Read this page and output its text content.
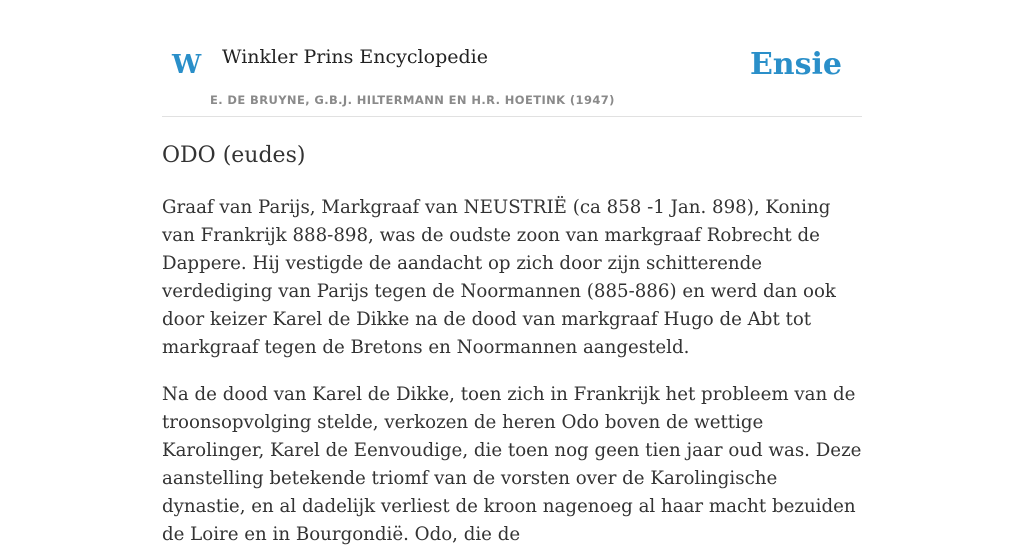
W Winkler Prins Encyclopedie
E. DE BRUYNE, G.B.J. HILTERMANN EN H.R. HOETINK (1947)
Ensie
ODO (eudes)

Graaf van Parijs, Markgraaf van NEUSTRIË (ca 858 -1 Jan. 898), Koning van Frankrijk 888-898, was de oudste zoon van markgraaf Robrecht de Dappere. Hij vestigde de aandacht op zich door zijn schitterende verdediging van Parijs tegen de Noormannen (885-886) en werd dan ook door keizer Karel de Dikke na de dood van markgraaf Hugo de Abt tot markgraaf tegen de Bretons en Noormannen aangesteld.

Na de dood van Karel de Dikke, toen zich in Frankrijk het probleem van de troonsopvolging stelde, verkozen de heren Odo boven de wettige Karolinger, Karel de Eenvoudige, die toen nog geen tien jaar oud was. Deze aanstelling betekende triomf van de vorsten over de Karolingische dynastie, en al dadelijk verliest de kroon nagenoeg al haar macht bezuiden de Loire en in Bourgondië. Odo, die de
